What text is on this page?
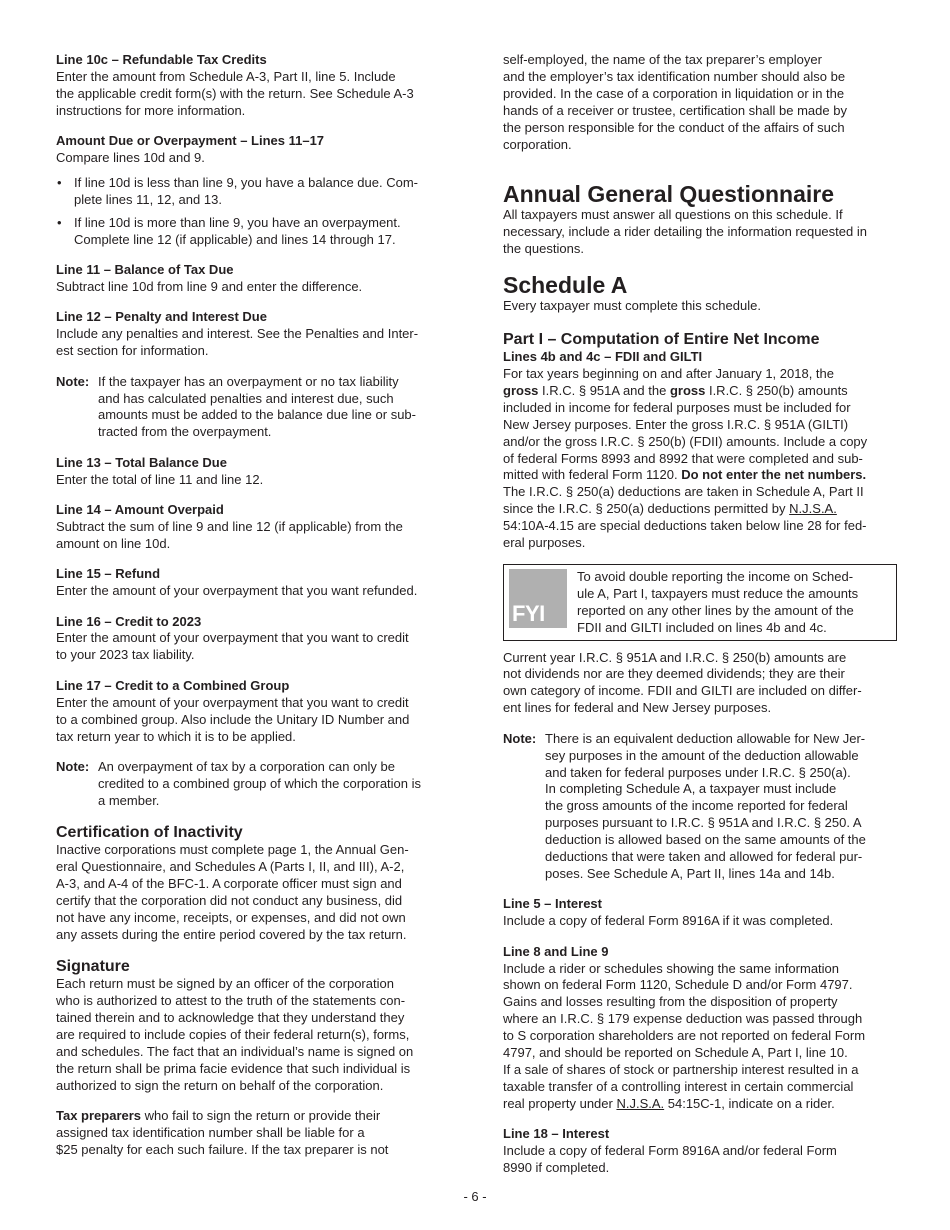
Line 10c – Refundable Tax Credits

Enter the amount from Schedule A-3, Part II, line 5. Include
the applicable credit form(s) with the return. See Schedule A-3
instructions for more information.

Amount Due or Overpayment – Lines 11–17

Compare lines 10d and 9.

• If line 10d is less than line 9, you have a balance due. Com-
plete lines 11, 12, and 13.
• If line 10d is more than line 9, you have an overpayment.
Complete line 12 (if applicable) and lines 14 through 17.

Line 11 – Balance of Tax Due

Subtract line 10d from line 9 and enter the difference.

Line 12 – Penalty and Interest Due

Include any penalties and interest. See the Penalties and Inter-
est section for information.

Note: If the taxpayer has an overpayment or no tax liability
and has calculated penalties and interest due, such
amounts must be added to the balance due line or sub-
tracted from the overpayment.

Line 13 – Total Balance Due

Enter the total of line 11 and line 12.

Line 14 – Amount Overpaid

Subtract the sum of line 9 and line 12 (if applicable) from the
amount on line 10d.

Line 15 – Refund

Enter the amount of your overpayment that you want refunded.

Line 16 – Credit to 2023

Enter the amount of your overpayment that you want to credit
to your 2023 tax liability.

Line 17 – Credit to a Combined Group

Enter the amount of your overpayment that you want to credit
to a combined group. Also include the Unitary ID Number and
tax return year to which it is to be applied.

Note: An overpayment of tax by a corporation can only be
credited to a combined group of which the corporation is
a member.
Certification of Inactivity

Inactive corporations must complete page 1, the Annual Gen-
eral Questionnaire, and Schedules A (Parts I, II, and III), A-2,
A-3, and A-4 of the BFC-1. A corporate officer must sign and
certify that the corporation did not conduct any business, did
not have any income, receipts, or expenses, and did not own
any assets during the entire period covered by the tax return.

Signature

Each return must be signed by an officer of the corporation
who is authorized to attest to the truth of the statements con-
tained therein and to acknowledge that they understand they
are required to include copies of their federal return(s), forms,
and schedules. The fact that an individual’s name is signed on
the return shall be prima facie evidence that such individual is
authorized to sign the return on behalf of the corporation.

Tax preparers who fail to sign the return or provide their
assigned tax identification number shall be liable for a
$25 penalty for each such failure. If the tax preparer is not

self-employed, the name of the tax preparer’s employer
and the employer’s tax identification number should also be
provided. In the case of a corporation in liquidation or in the
hands of a receiver or trustee, certification shall be made by
the person responsible for the conduct of the affairs of such
corporation.

Annual General Questionnaire

All taxpayers must answer all questions on this schedule. If
necessary, include a rider detailing the information requested in
the questions.

Schedule A

Every taxpayer must complete this schedule.

Part I – Computation of Entire Net Income

Lines 4b and 4c – FDII and GILTI

For tax years beginning on and after January 1, 2018, the
gross I.R.C. § 951A and the gross I.R.C. § 250(b) amounts
included in income for federal purposes must be included for
New Jersey purposes. Enter the gross I.R.C. § 951A (GILTI)
and/or the gross I.R.C. § 250(b) (FDII) amounts. Include a copy
of federal Forms 8993 and 8992 that were completed and sub-
mitted with federal Form 1120. Do not enter the net numbers.
The I.R.C. § 250(a) deductions are taken in Schedule A, Part II
since the I.R.C. § 250(a) deductions permitted by N.J.S.A.
54:10A-4.15 are special deductions taken below line 28 for fed-
eral purposes.

FYI
To avoid double reporting the income on Sched-
ule A, Part I, taxpayers must reduce the amounts
reported on any other lines by the amount of the
FDII and GILTI included on lines 4b and 4c.

Current year I.R.C. § 951A and I.R.C. § 250(b) amounts are
not dividends nor are they deemed dividends; they are their
own category of income. FDII and GILTI are included on differ-
ent lines for federal and New Jersey purposes.

Note: There is an equivalent deduction allowable for New Jer-
sey purposes in the amount of the deduction allowable
and taken for federal purposes under I.R.C. § 250(a).
In completing Schedule A, a taxpayer must include
the gross amounts of the income reported for federal
purposes pursuant to I.R.C. § 951A and I.R.C. § 250. A
deduction is allowed based on the same amounts of the
deductions that were taken and allowed for federal pur-
poses. See Schedule A, Part II, lines 14a and 14b.

Line 5 – Interest

Include a copy of federal Form 8916A if it was completed.

Line 8 and Line 9

Include a rider or schedules showing the same information
shown on federal Form 1120, Schedule D and/or Form 4797.
Gains and losses resulting from the disposition of property
where an I.R.C. § 179 expense deduction was passed through
to S corporation shareholders are not reported on federal Form
4797, and should be reported on Schedule A, Part I, line 10.
If a sale of shares of stock or partnership interest resulted in a
taxable transfer of a controlling interest in certain commercial
real property under N.J.S.A. 54:15C-1, indicate on a rider.

Line 18 – Interest

Include a copy of federal Form 8916A and/or federal Form
8990 if completed.

- 6 -
